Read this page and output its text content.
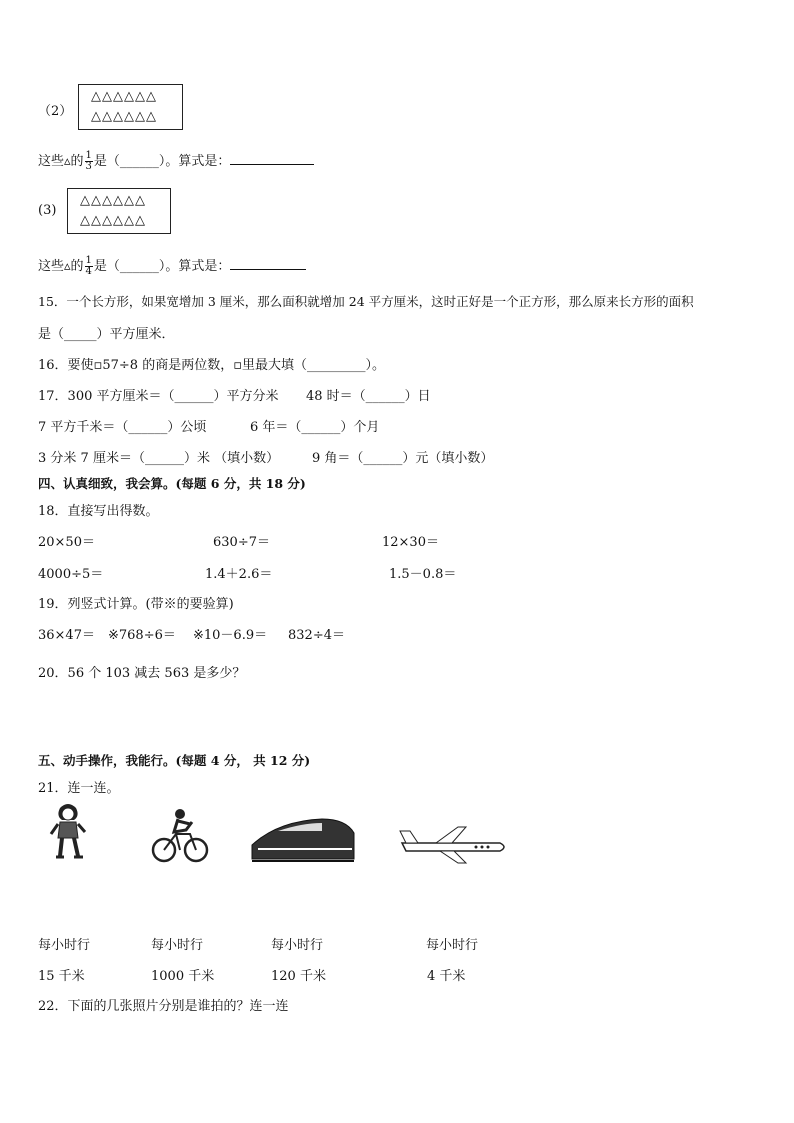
（2）
△△△△△△
△△△△△△
这些▵的 $\frac{1}{3}$ 是（______）。算式是：
(3)
△△△△△△
△△△△△△
这些▵的 $\frac{1}{4}$ 是（______）。算式是：
15．一个长方形，如果宽增加 3 厘米，那么面积就增加 24 平方厘米，这时正好是一个正方形，那么原来长方形的面积
是（_____）平方厘米．
16．要使▫57÷8 的商是两位数，▫里最大填（_________）。
17．300 平方厘米＝（______）平方分米 48 时＝（______）日
7 平方千米＝（______）公顷	6 年＝（______）个月
3 分米 7 厘米＝（______）米 （填小数）	9 角＝（______）元（填小数）
四、认真细致，我会算。(每题 6 分，共 18 分)
18．直接写出得数。
20×50＝	630÷7＝	12×30＝
4000÷5＝	1.4＋2.6＝	1.5－0.8＝
19．列竖式计算。(带※的要验算)
36×47＝ ※768÷6＝ ※10－6.9＝ 832÷4＝
20．56 个 103 减去 563 是多少？
五、动手操作，我能行。(每题 4 分， 共 12 分)
21．连一连。
每小时行	每小时行	每小时行	每小时行
15 千米	1000 千米	120 千米	4 千米
22．下面的几张照片分别是谁拍的？连一连
